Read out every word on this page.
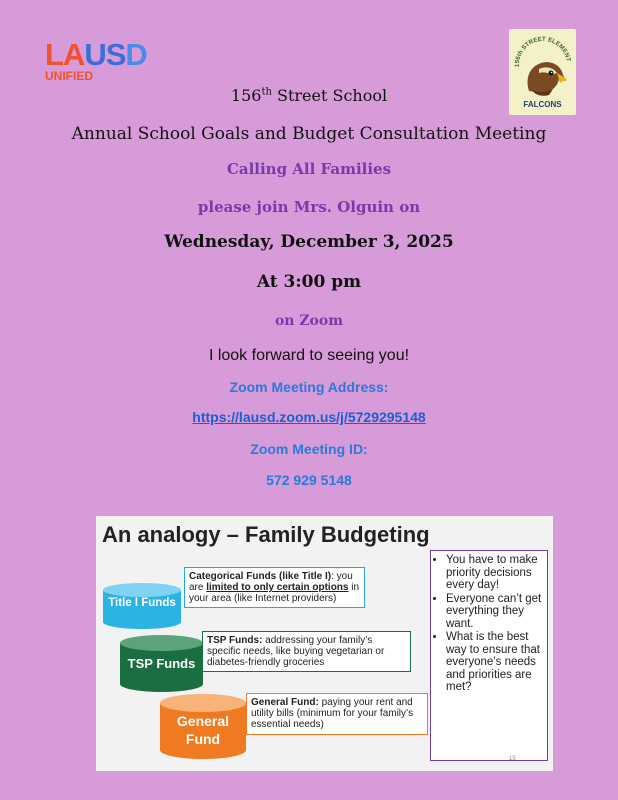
LAUSD
UNIFIED
156th STREET ELEMENT
FALCONS
156th Street School
Annual School Goals and Budget Consultation Meeting
Calling All Families
please join Mrs. Olguin on
Wednesday, December 3, 2025
At 3:00 pm
on Zoom
I look forward to seeing you!
Zoom Meeting Address:
https://lausd.zoom.us/j/5729295148
Zoom Meeting ID:
572 929 5148
An analogy – Family Budgeting
Title I Funds
TSP Funds
General
Fund
Categorical Funds (like Title I): you are limited to only certain options in your area (like Internet providers)
TSP Funds: addressing your family’s specific needs, like buying vegetarian or diabetes-friendly groceries
General Fund: paying your rent and utility bills (minimum for your family’s essential needs)
• You have to make priority decisions every day!
• Everyone can’t get everything they want.
• What is the best way to ensure that everyone’s needs and priorities are met?
15
